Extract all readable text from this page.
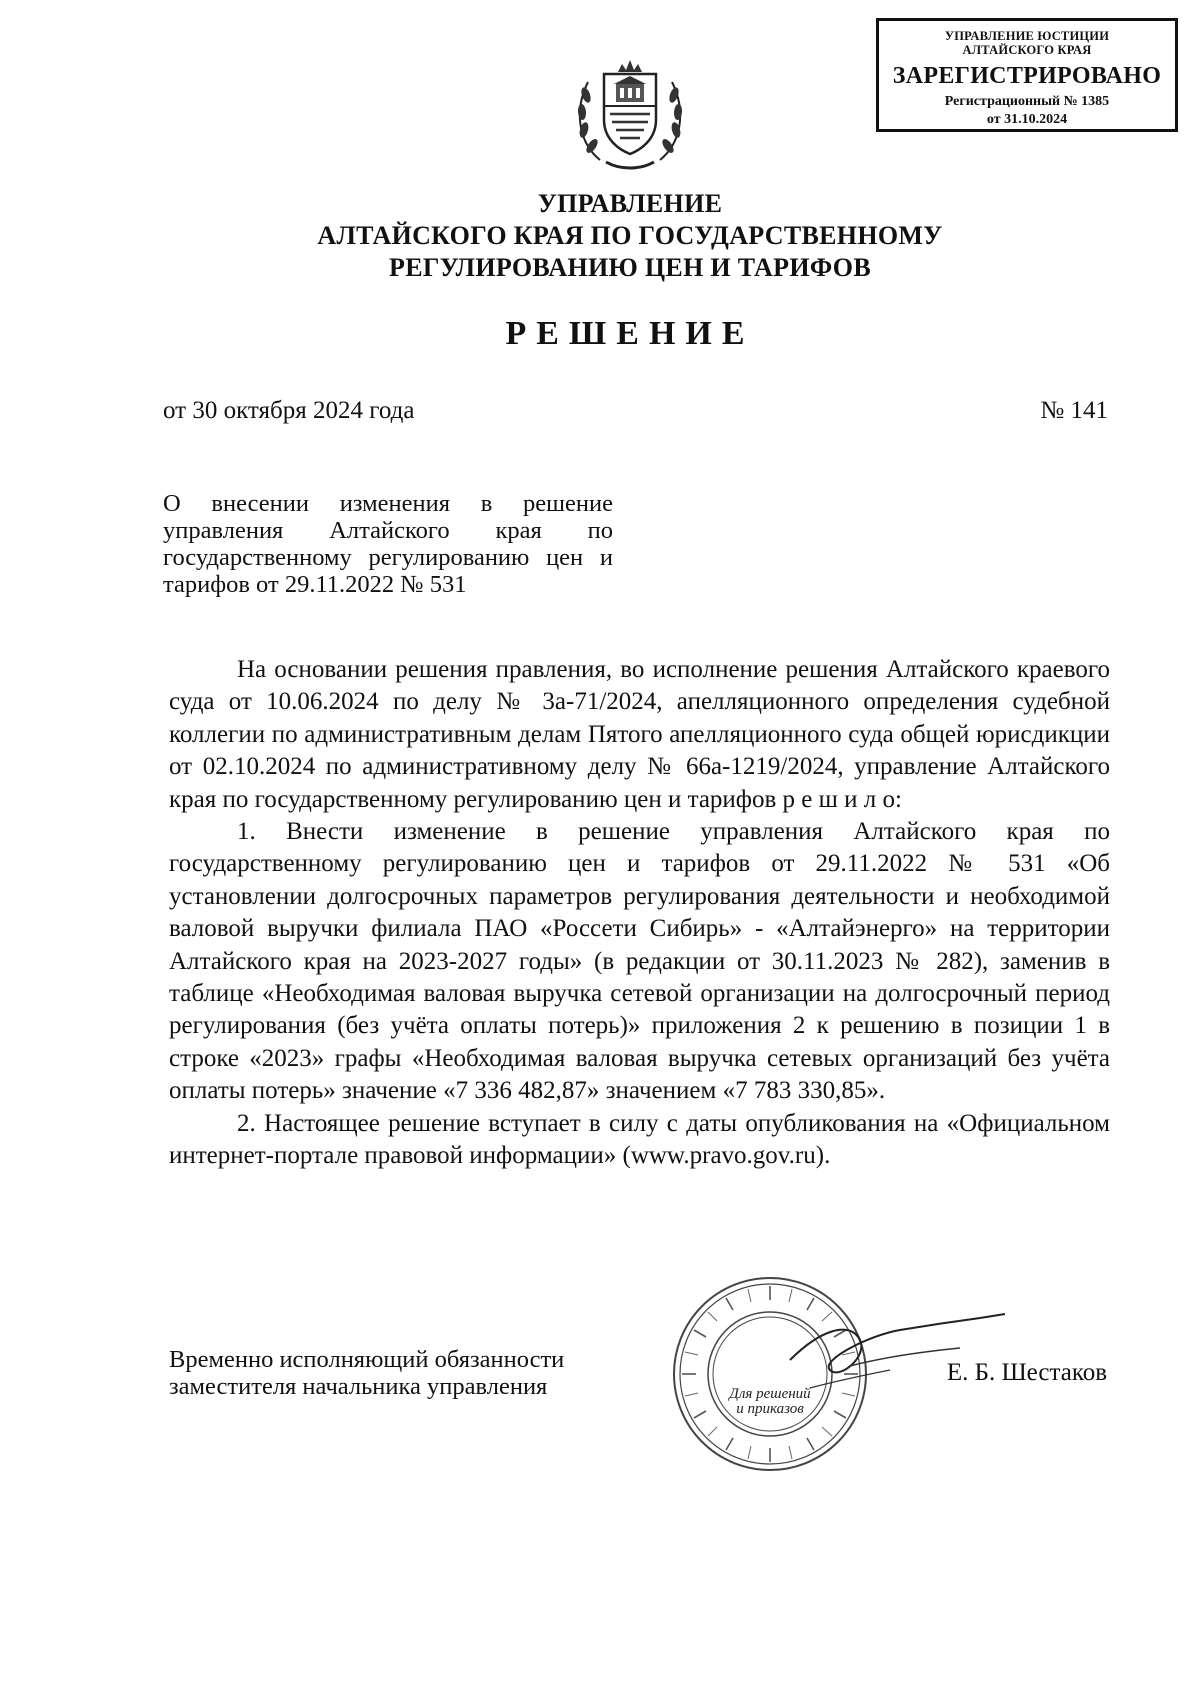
УПРАВЛЕНИЕ ЮСТИЦИИ
АЛТАЙСКОГО КРАЯ
ЗАРЕГИСТРИРОВАНО
Регистрационный № 1385
от 31.10.2024
УПРАВЛЕНИЕ
АЛТАЙСКОГО КРАЯ ПО ГОСУДАРСТВЕННОМУ
РЕГУЛИРОВАНИЮ ЦЕН И ТАРИФОВ
РЕШЕНИЕ
от 30 октября 2024 года	№ 141
О внесении изменения в решение управления Алтайского края по государственному регулированию цен и тарифов от 29.11.2022 № 531

На основании решения правления, во исполнение решения Алтайского краевого суда от 10.06.2024 по делу № 3а-71/2024, апелляционного определения судебной коллегии по административным делам Пятого апелляционного суда общей юрисдикции от 02.10.2024 по административному делу № 66а-1219/2024, управление Алтайского края по государственному регулированию цен и тарифов р е ш и л о:

1. Внести изменение в решение управления Алтайского края по государственному регулированию цен и тарифов от 29.11.2022 № 531 «Об установлении долгосрочных параметров регулирования деятельности и необходимой валовой выручки филиала ПАО «Россети Сибирь» - «Алтайэнерго» на территории Алтайского края на 2023-2027 годы» (в редакции от 30.11.2023 № 282), заменив в таблице «Необходимая валовая выручка сетевой организации на долгосрочный период регулирования (без учёта оплаты потерь)» приложения 2 к решению в позиции 1 в строке «2023» графы «Необходимая валовая выручка сетевых организаций без учёта оплаты потерь» значение «7 336 482,87» значением «7 783 330,85».

2. Настоящее решение вступает в силу с даты опубликования на «Официальном интернет-портале правовой информации» (www.pravo.gov.ru).

Временно исполняющий обязанности
заместителя начальника управления	Для решений
и приказов
Е. Б. Шестаков
